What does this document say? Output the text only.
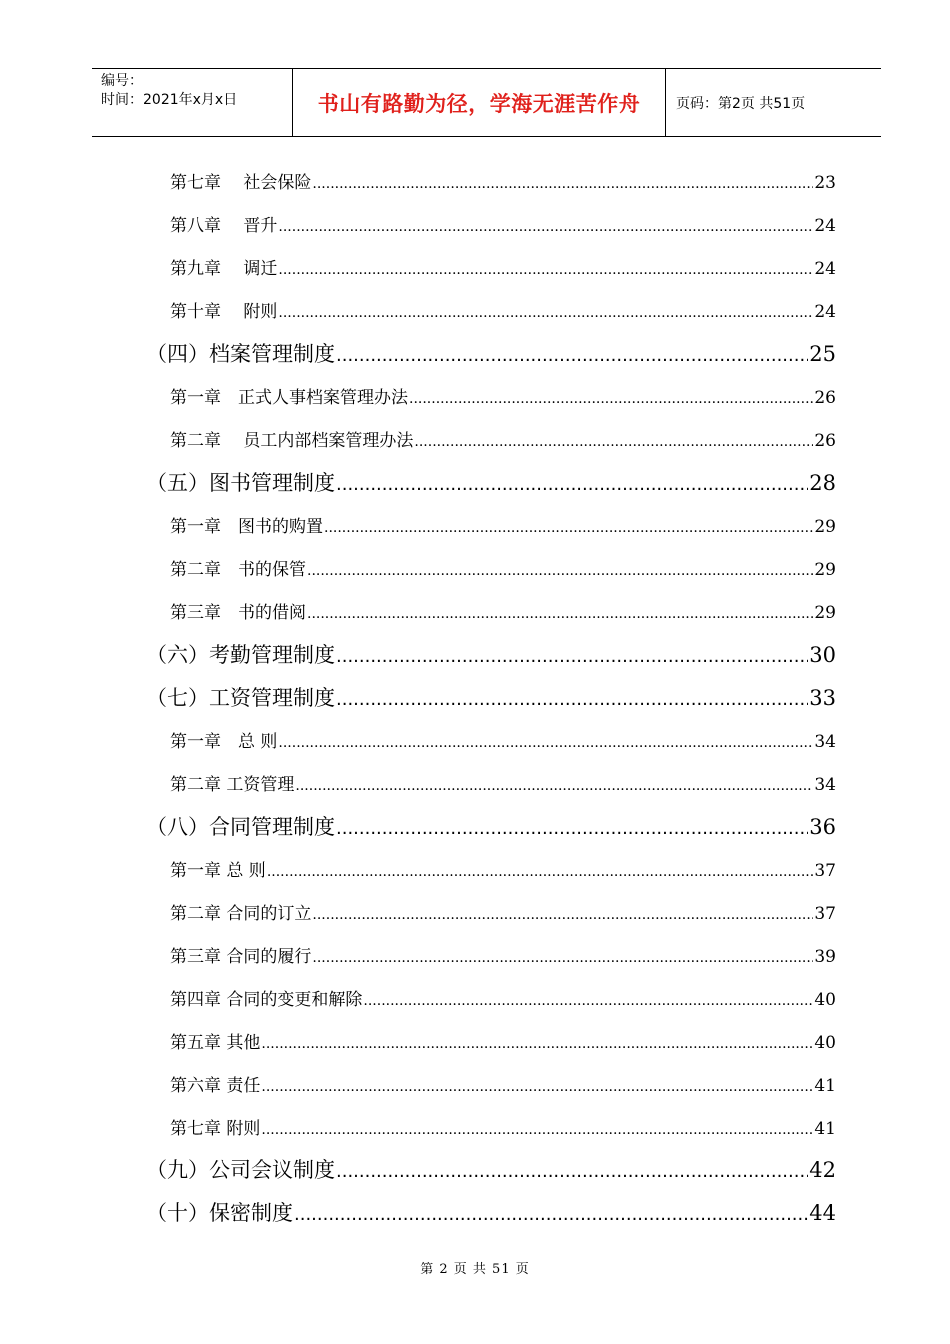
编号：
时间：2021年x月x日	书山有路勤为径，学海无涯苦作舟	页码：第2页 共51页
第七章　 社会保险 .....	23
第八章　 晋升 .....	24
第九章　 调迁 .....	24
第十章　 附则 .....	24
（四）档案管理制度 .....	25
第一章　正式人事档案管理办法 .....	26
第二章　 员工内部档案管理办法 .....	26
（五）图书管理制度 .....	28
第一章　图书的购置 .....	29
第二章　书的保管 .....	29
第三章　书的借阅 .....	29
（六）考勤管理制度 .....	30
（七）工资管理制度 .....	33
第一章　总 则 .....	34
第二章 工资管理 .....	34
（八）合同管理制度 .....	36
第一章 总 则 .....	37
第二章 合同的订立 .....	37
第三章 合同的履行 .....	39
第四章 合同的变更和解除 .....	40
第五章 其他 .....	40
第六章 责任 .....	41
第七章 附则 .....	41
（九）公司会议制度 .....	42
（十）保密制度 .....	44
第 2 页 共 51 页
